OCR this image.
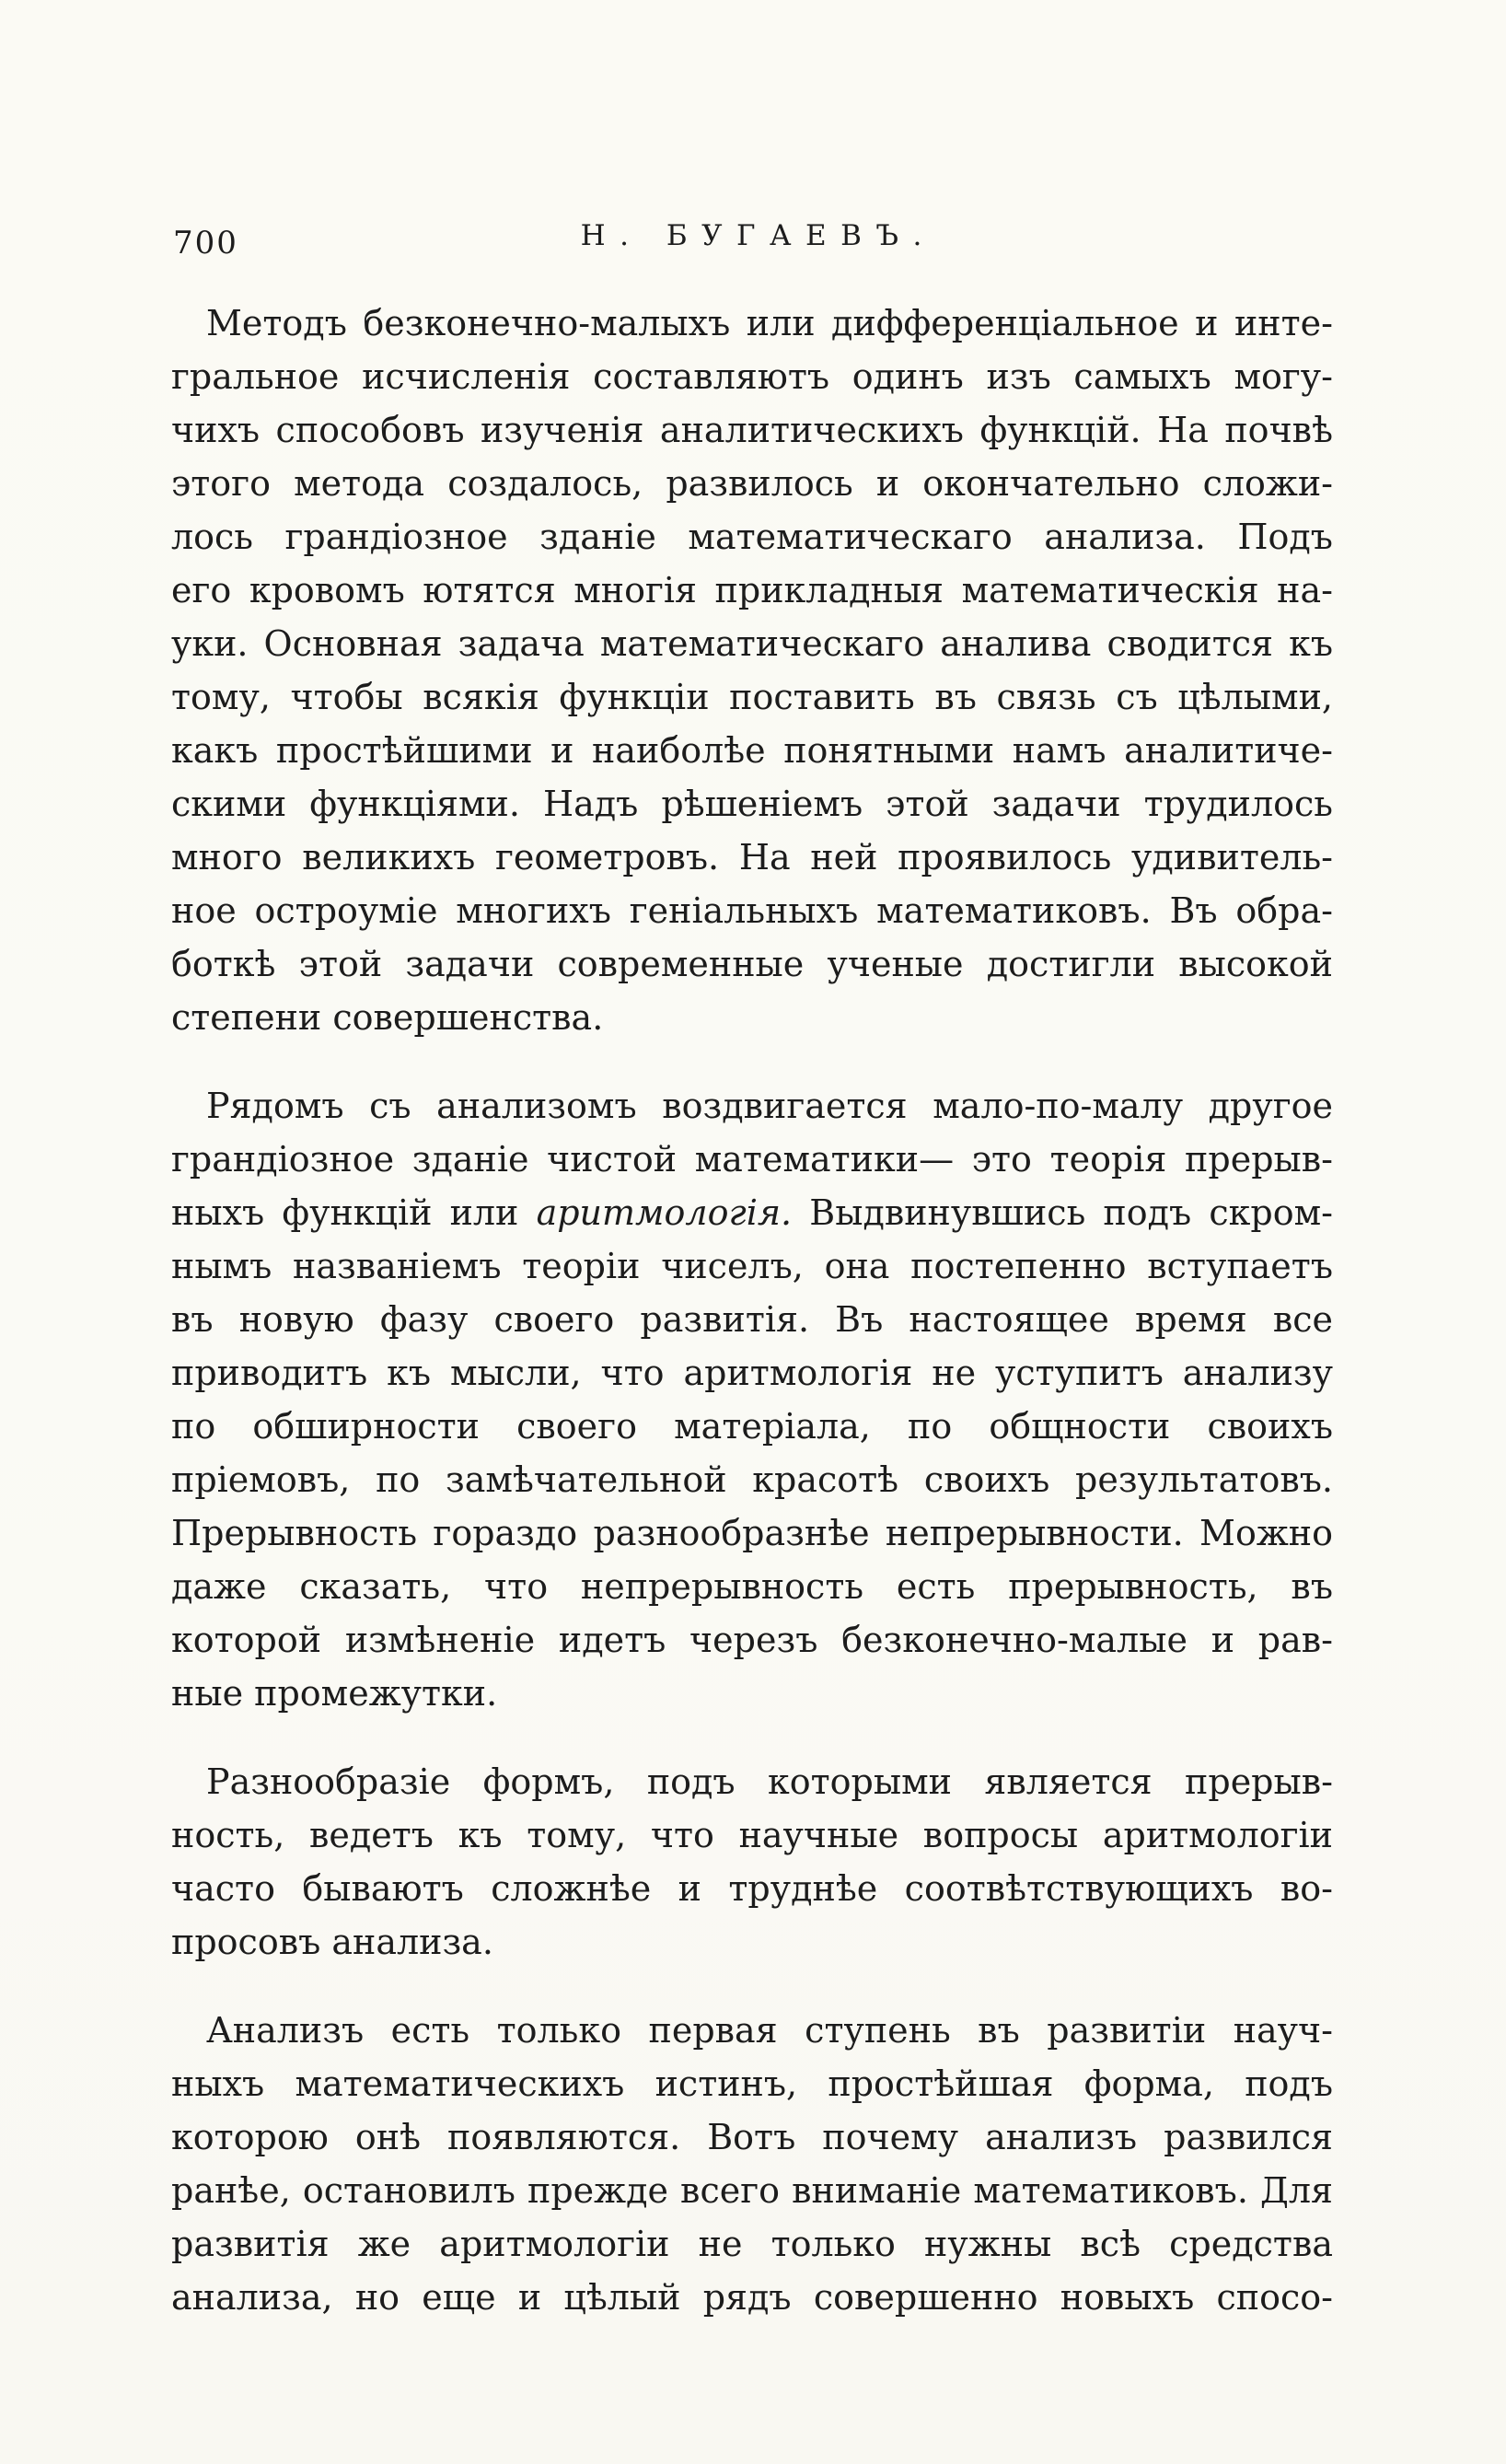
700	Н. БУГАЕВЪ.

Методъ безконечно-малыхъ или дифференціальное и инте-
гральное исчисленія составляютъ одинъ изъ самыхъ могу-
чихъ способовъ изученія аналитическихъ функцій. На почвѣ
этого метода создалось, развилось и окончательно сложи-
лось грандіозное зданіе математическаго анализа. Подъ
его кровомъ ютятся многія прикладныя математическія на-
уки. Основная задача математическаго аналива сводится къ
тому, чтобы всякія функціи поставить въ связь съ цѣлыми,
какъ простѣйшими и наиболѣе понятными намъ аналитиче-
скими функціями. Надъ рѣшеніемъ этой задачи трудилось
много великихъ геометровъ. На ней проявилось удивитель-
ное остроуміе многихъ геніальныхъ математиковъ. Въ обра-
боткѣ этой задачи современные ученые достигли высокой
степени совершенства.

Рядомъ съ анализомъ воздвигается мало-по-малу другое
грандіозное зданіе чистой математики— это теорія прерыв-
ныхъ функцій или аритмологія. Выдвинувшись подъ скром-
нымъ названіемъ теоріи чиселъ, она постепенно вступаетъ
въ новую фазу своего развитія. Въ настоящее время все
приводитъ къ мысли, что аритмологія не уступитъ анализу
по обширности своего матеріала, по общности своихъ
пріемовъ, по замѣчательной красотѣ своихъ результатовъ.
Прерывность гораздо разнообразнѣе непрерывности. Можно
даже сказать, что непрерывность есть прерывность, въ
которой измѣненіе идетъ черезъ безконечно-малые и рав-
ные промежутки.

Разнообразіе формъ, подъ которыми является прерыв-
ность, ведетъ къ тому, что научные вопросы аритмологіи
часто бываютъ сложнѣе и труднѣе соотвѣтствующихъ во-
просовъ анализа.

Анализъ есть только первая ступень въ развитіи науч-
ныхъ математическихъ истинъ, простѣйшая форма, подъ
которою онѣ появляются. Вотъ почему анализъ развился
ранѣе, остановилъ прежде всего вниманіе математиковъ. Для
развитія же аритмологіи не только нужны всѣ средства
анализа, но еще и цѣлый рядъ совершенно новыхъ спосо-
